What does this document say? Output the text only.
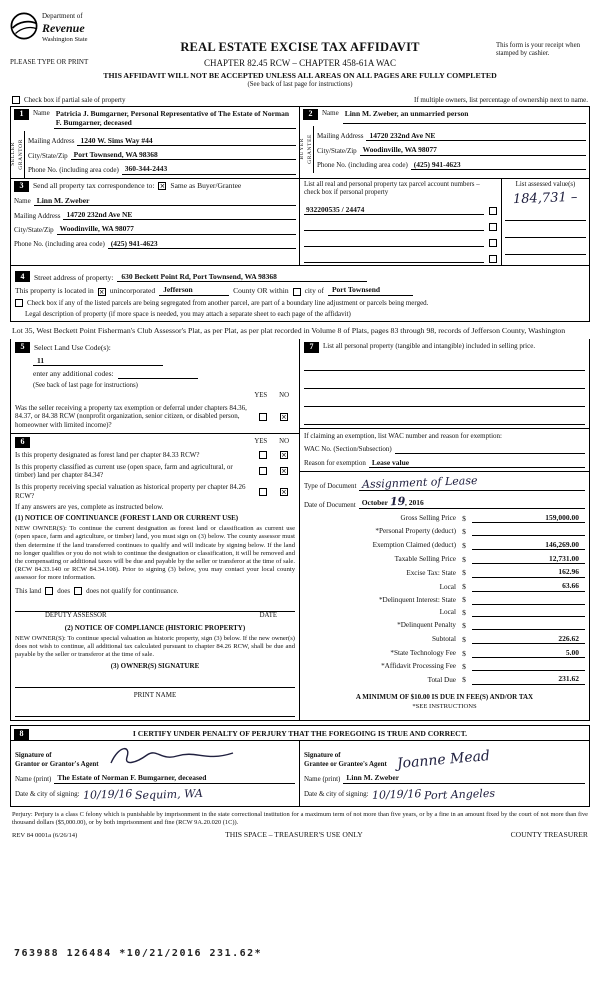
Department of
Revenue
Washington State
REAL ESTATE EXCISE TAX AFFIDAVIT
CHAPTER 82.45 RCW – CHAPTER 458-61A WAC
THIS AFFIDAVIT WILL NOT BE ACCEPTED UNLESS ALL AREAS ON ALL PAGES ARE FULLY COMPLETED
(See back of last page for instructions)
This form is your receipt when stamped by cashier.
PLEASE TYPE OR PRINT
Check box if partial sale of property	If multiple owners, list percentage of ownership next to name.
1	Name Patricia J. Bumgarner, Personal Representative of The Estate of Norman F. Bumgarner, deceased
SELLER GRANTOR Mailing Address 1240 W. Sims Way #44
City/State/Zip Port Townsend, WA 98368
Phone No. (including area code) 360-344-2443
2	Name Linn M. Zweber, an unmarried person
BUYER GRANTEE Mailing Address 14720 232nd Ave NE
City/State/Zip Woodinville, WA 98077
Phone No. (including area code) (425) 941-4623
3	Send all property tax correspondence to: × Same as Buyer/Grantee
Name Linn M. Zweber
Mailing Address 14720 232nd Ave NE
City/State/Zip Woodinville, WA 98077
Phone No. (including area code) (425) 941-4623
List all real and personal property tax parcel account numbers – check box if personal property
932200535 / 24474
List assessed value(s)
184,731 –
4	Street address of property:	630 Beckett Point Rd, Port Townsend, WA 98368
This property is located in × unincorporated	Jefferson	County OR within city of	Port Townsend
Check box if any of the listed parcels are being segregated from another parcel, are part of a boundary line adjustment or parcels being merged.
Legal description of property (if more space is needed, you may attach a separate sheet to each page of the affidavit)
Lot 35, West Beckett Point Fisherman's Club Assessor's Plat, as per Plat, as per plat recorded in Volume 8 of Plats, pages 83 through 98, records of Jefferson County, Washington
5	Select Land Use Code(s):
11
enter any additional codes:
(See back of last page for instructions)
YES NO
Was the seller receiving a property tax exemption or deferral under chapters 84.36, 84.37, or 84.38 RCW (nonprofit organization, senior citizen, or disabled person, homeowner with limited income)?
×
6	YES NO
Is this property designated as forest land per chapter 84.33 RCW?	×
Is this property classified as current use (open space, farm and agricultural, or timber) land per chapter 84.34?	×
Is this property receiving special valuation as historical property per chapter 84.26 RCW?	×
If any answers are yes, complete as instructed below.
(1) NOTICE OF CONTINUANCE (FOREST LAND OR CURRENT USE)
NEW OWNER(S): To continue the current designation as forest land or classification as current use (open space, farm and agriculture, or timber) land, you must sign on (3) below. The county assessor must then determine if the land transferred continues to qualify and will indicate by signing below. If the land no longer qualifies or you do not wish to continue the designation or classification, it will be removed and the compensating or additional taxes will be due and payable by the seller or transferor at the time of sale. (RCW 84.33.140 or RCW 84.34.108). Prior to signing (3) below, you may contact your local county assessor for more information.
This land does does not qualify for continuance.
DEPUTY ASSESSOR	DATE
(2) NOTICE OF COMPLIANCE (HISTORIC PROPERTY)
NEW OWNER(S): To continue special valuation as historic property, sign (3) below. If the new owner(s) does not wish to continue, all additional tax calculated pursuant to chapter 84.26 RCW, shall be due and payable by the seller or transferor at the time of sale.
(3) OWNER(S) SIGNATURE
PRINT NAME
7	List all personal property (tangible and intangible) included in selling price.
If claiming an exemption, list WAC number and reason for exemption:
WAC No. (Section/Subsection)
Reason for exemption Lease value
Type of Document Assignment of Lease
Date of Document October 19, 2016
Gross Selling Price $	159,000.00
*Personal Property (deduct) $
Exemption Claimed (deduct) $	146,269.00
Taxable Selling Price $	12,731.00
Excise Tax: State $	162.96
Local $	63.66
*Delinquent Interest: State $
Local $
*Delinquent Penalty $
Subtotal $	226.62
*State Technology Fee $	5.00
*Affidavit Processing Fee $
Total Due $	231.62
A MINIMUM OF $10.00 IS DUE IN FEE(S) AND/OR TAX
*SEE INSTRUCTIONS
8	I CERTIFY UNDER PENALTY OF PERJURY THAT THE FOREGOING IS TRUE AND CORRECT.
Signature of
Grantor or Grantor's Agent
Name (print) The Estate of Norman F. Bumgarner, deceased
Date & city of signing: 10/19/16 Sequim, WA
Signature of
Grantee or Grantee's Agent Joanne Mead
Name (print) Linn M. Zweber
Date & city of signing: 10/19/16 Port Angeles
Perjury: Perjury is a class C felony which is punishable by imprisonment in the state correctional institution for a maximum term of not more than five years, or by a fine in an amount fixed by the court of not more than five thousand dollars ($5,000.00), or by both imprisonment and fine (RCW 9A.20.020 (1C)).
REV 84 0001a (6/26/14)	THIS SPACE – TREASURER'S USE ONLY	COUNTY TREASURER
763988 126484 *10/21/2016 231.62*
